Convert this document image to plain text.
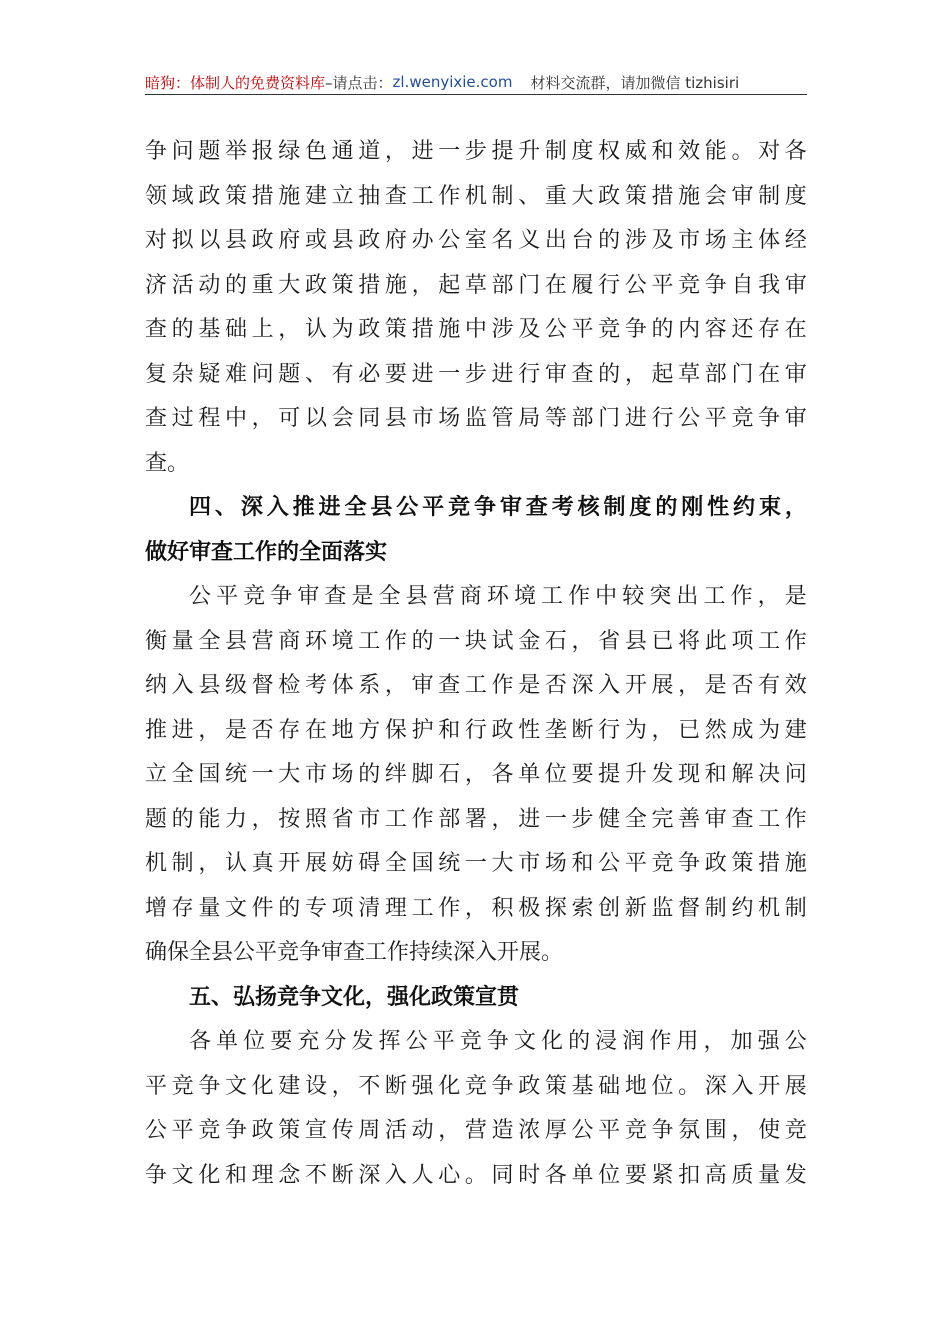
暗狗：体制人的免费资料库 –请点击： zl.wenyixie.com 材料交流群，请加微信 tizhisiri
争 问 题 举 报 绿 色 通 道 ， 进 一 步 提 升 制 度 权 威 和 效 能 。 对 各
领 域 政 策 措 施 建 立 抽 查 工 作 机 制 、 重 大 政 策 措 施 会 审 制 度
对 拟 以 县 政 府 或 县 政 府 办 公 室 名 义 出 台 的 涉 及 市 场 主 体 经
济 活 动 的 重 大 政 策 措 施 ， 起 草 部 门 在 履 行 公 平 竞 争 自 我 审
查 的 基 础 上 ， 认 为 政 策 措 施 中 涉 及 公 平 竞 争 的 内 容 还 存 在
复 杂 疑 难 问 题 、 有 必 要 进 一 步 进 行 审 查 的 ， 起 草 部 门 在 审
查 过 程 中 ， 可 以 会 同 县 市 场 监 管 局 等 部 门 进 行 公 平 竞 争 审
查。
四 、 深 入 推 进 全 县 公 平 竞 争 审 查 考 核 制 度 的 刚 性 约 束 ，
做好审查工作的全面落实
公 平 竞 争 审 查 是 全 县 营 商 环 境 工 作 中 较 突 出 工 作 ， 是
衡 量 全 县 营 商 环 境 工 作 的 一 块 试 金 石 ， 省 县 已 将 此 项 工 作
纳 入 县 级 督 检 考 体 系 ， 审 查 工 作 是 否 深 入 开 展 ， 是 否 有 效
推 进 ， 是 否 存 在 地 方 保 护 和 行 政 性 垄 断 行 为 ， 已 然 成 为 建
立 全 国 统 一 大 市 场 的 绊 脚 石 ， 各 单 位 要 提 升 发 现 和 解 决 问
题 的 能 力 ， 按 照 省 市 工 作 部 署 ， 进 一 步 健 全 完 善 审 查 工 作
机 制 ， 认 真 开 展 妨 碍 全 国 统 一 大 市 场 和 公 平 竞 争 政 策 措 施
增 存 量 文 件 的 专 项 清 理 工 作 ， 积 极 探 索 创 新 监 督 制 约 机 制
确保全县公平竞争审查工作持续深入开展。
五、弘扬竞争文化，强化政策宣贯
各 单 位 要 充 分 发 挥 公 平 竞 争 文 化 的 浸 润 作 用 ， 加 强 公
平 竞 争 文 化 建 设 ， 不 断 强 化 竞 争 政 策 基 础 地 位 。 深 入 开 展
公 平 竞 争 政 策 宣 传 周 活 动 ， 营 造 浓 厚 公 平 竞 争 氛 围 ， 使 竞
争 文 化 和 理 念 不 断 深 入 人 心 。 同 时 各 单 位 要 紧 扣 高 质 量 发
